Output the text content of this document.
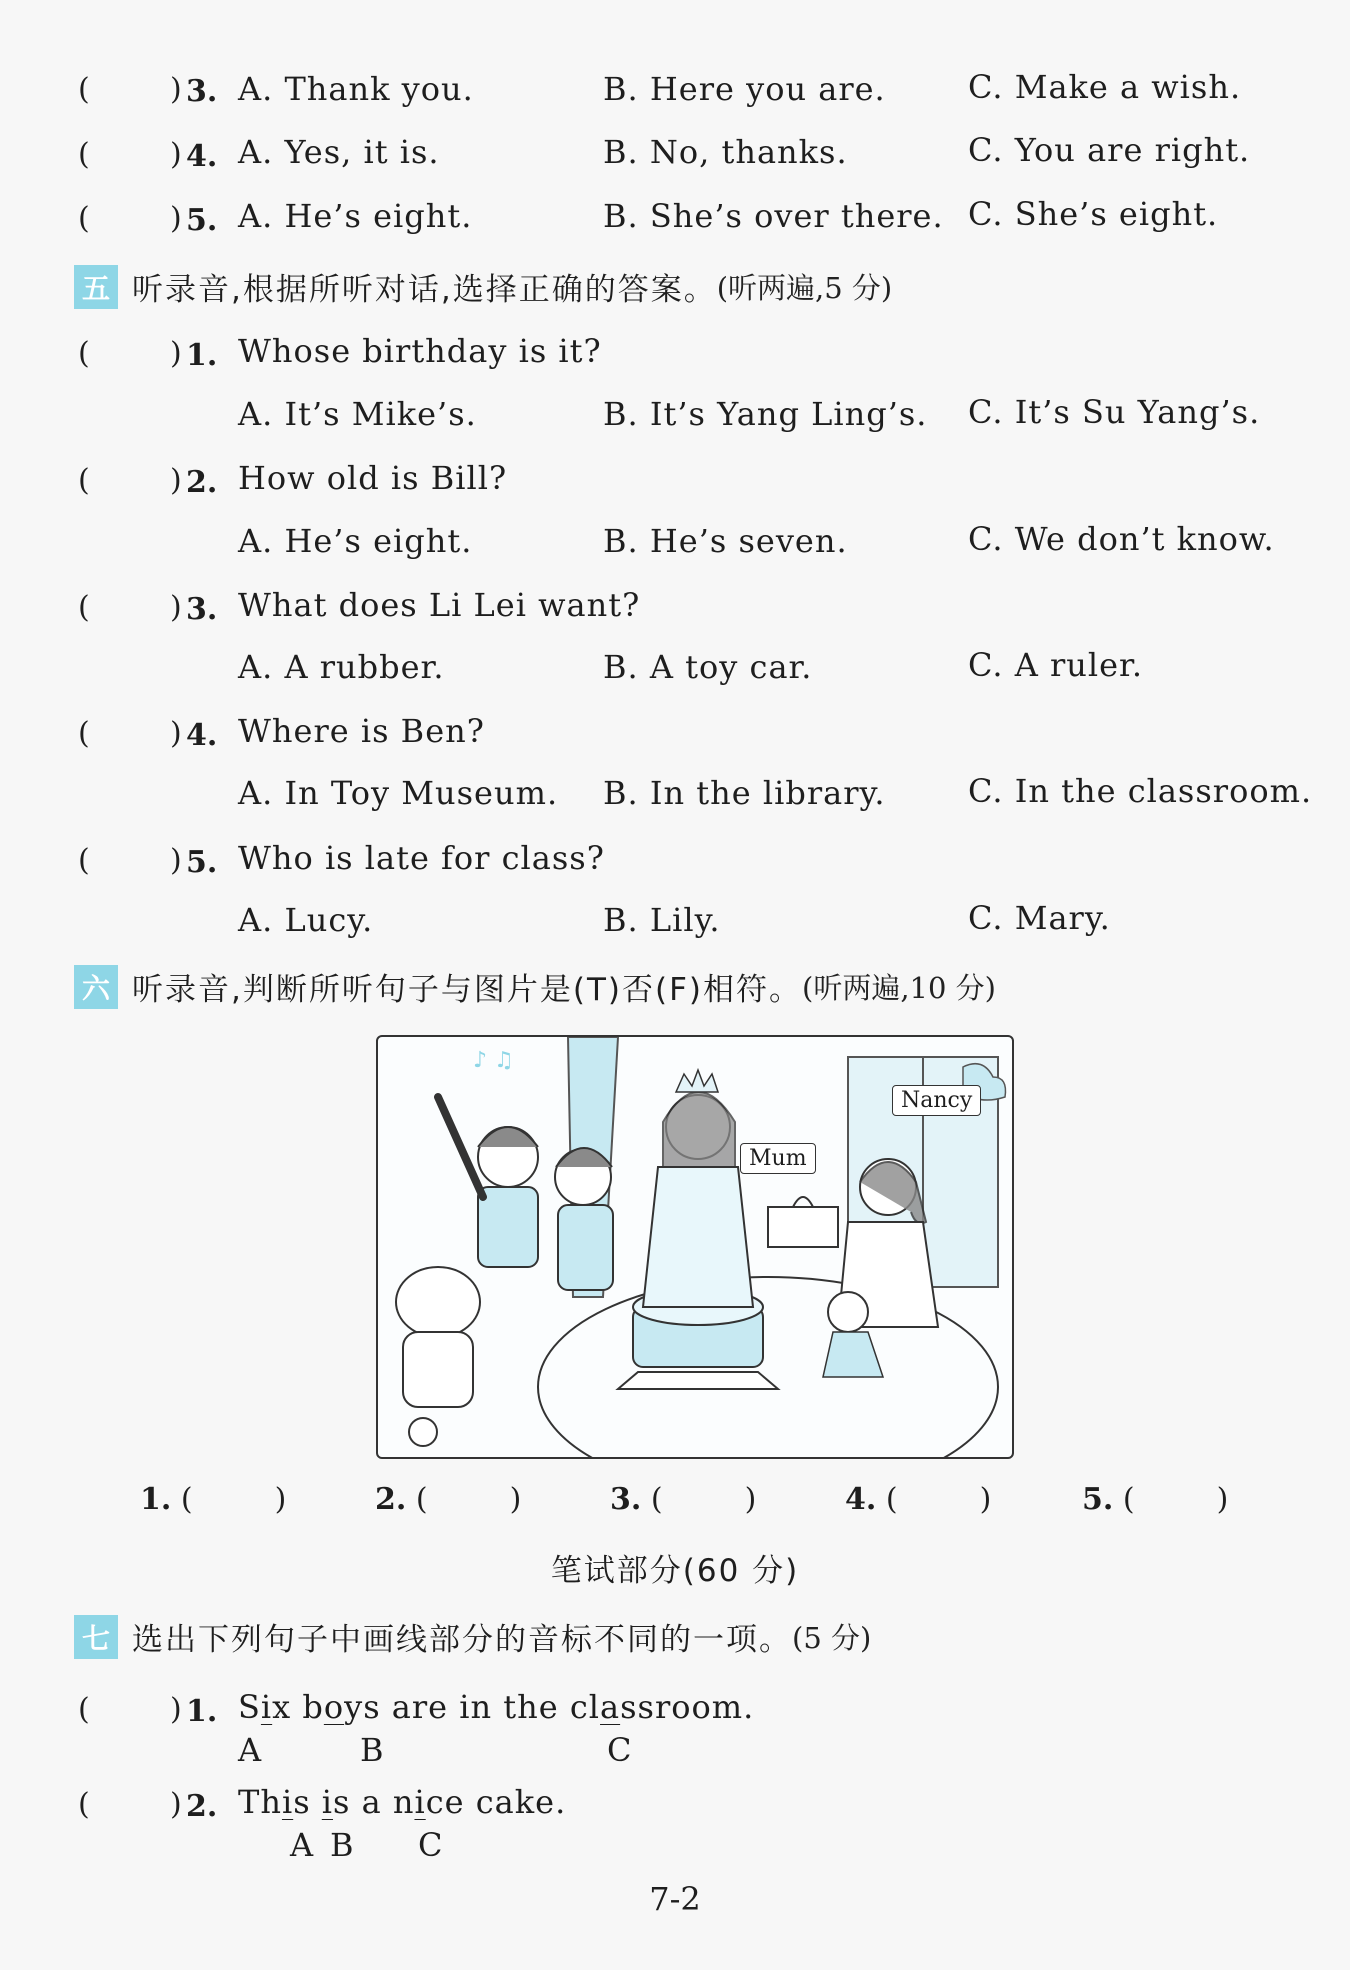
(	) 3. A. Thank you.	B. Here you are.	C. Make a wish.
(	) 4. A. Yes, it is.	B. No, thanks.	C. You are right.
(	) 5. A. He’s eight.	B. She’s over there. C. She’s eight.
五 听录音,根据所听对话,选择正确的答案。 (听两遍,5 分)
(	) 1. Whose birthday is it?
A. It’s Mike’s.	B. It’s Yang Ling’s. C. It’s Su Yang’s.
(	) 2. How old is Bill?
A. He’s eight.	B. He’s seven.	C. We don’t know.
(	) 3. What does Li Lei want?
A. A rubber.	B. A toy car.	C. A ruler.
(	) 4. Where is Ben?
A. In Toy Museum. B. In the library.	C. In the classroom.
(	) 5. Who is late for class?
A. Lucy.	B. Lily.	C. Mary.
六 听录音,判断所听句子与图片是(T)否(F)相符。 (听两遍,10 分)
♪ ♫
Nancy
Mum
1. (	)	2. (	)	3. (	)	4. (	)	5. (	)
笔试部分(60 分)
七 选出下列句子中画线部分的音标不同的一项。 (5 分)
(	) 1. Six boys are in the classroom.
A	B	C
(	) 2. This is a nice cake.
A B C
7-2
